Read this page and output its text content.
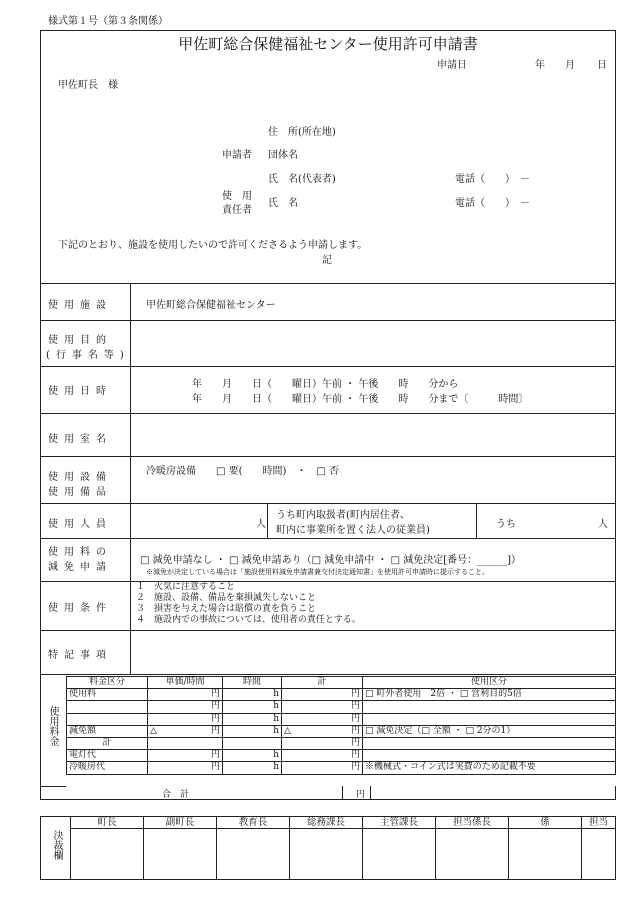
様式第１号（第３条関係）
甲佐町総合保健福祉センター使用許可申請書
申請日	年 月 日
甲佐町長　様
住　所(所在地)
申請者 団体名
氏　名(代表者)	電話（　　）　－
使　用
責任者
氏　名	電話（　　）　－
下記のとおり、施設を使用したいので許可くださるよう申請します。
記
使用施設	甲佐町総合保健福祉センター
使用目的
(行事名等)
使用日時
年　　月　　日（　　曜日）午前 ・ 午後　　時　　分から
年　　月　　日（　　曜日）午前 ・ 午後　　時　　分まで〔　　　時間〕
使用室名
使用設備
使用備品
冷暖房設備　　□ 要(　　時間)　・　□ 否
使用人員	人
うち町内取扱者(町内居住者、
町内に事業所を置く法人の従業員)
うち	人
使用料の
減免申請
□ 減免申請なし ・ □ 減免申請あり（□ 減免申請中 ・ □ 減免決定[番号：______]）
※減免が決定している場合は「施設使用料減免申請書兼交付決定通知書」を使用許可申請時に提示すること。
使用条件
１　火気に注意すること
２　施設、設備、備品を棄損滅失しないこと
３　損害を与えた場合は賠償の責を負うこと
４　施設内での事故については、使用者の責任とする。
特記事項
使用料金
料金区分	単価/時間	時間	計	使用区分
使用料	円	h	円	□ 町外者使用　2倍 ・ □ 営利目的5倍
	円	h	円	
	円	h	円	
減免額	△ 円	h	△ 円	□ 減免決定（□ 全額 ・ □ 2分の1）
計			円	
電灯代	円	h	円	
冷暖房代	円	h	円	※機械式・コイン式は実費のため記載不要
合　計	円
決裁欄
町長	副町長	教育長	総務課長	主管課長	担当係長	係	担当
